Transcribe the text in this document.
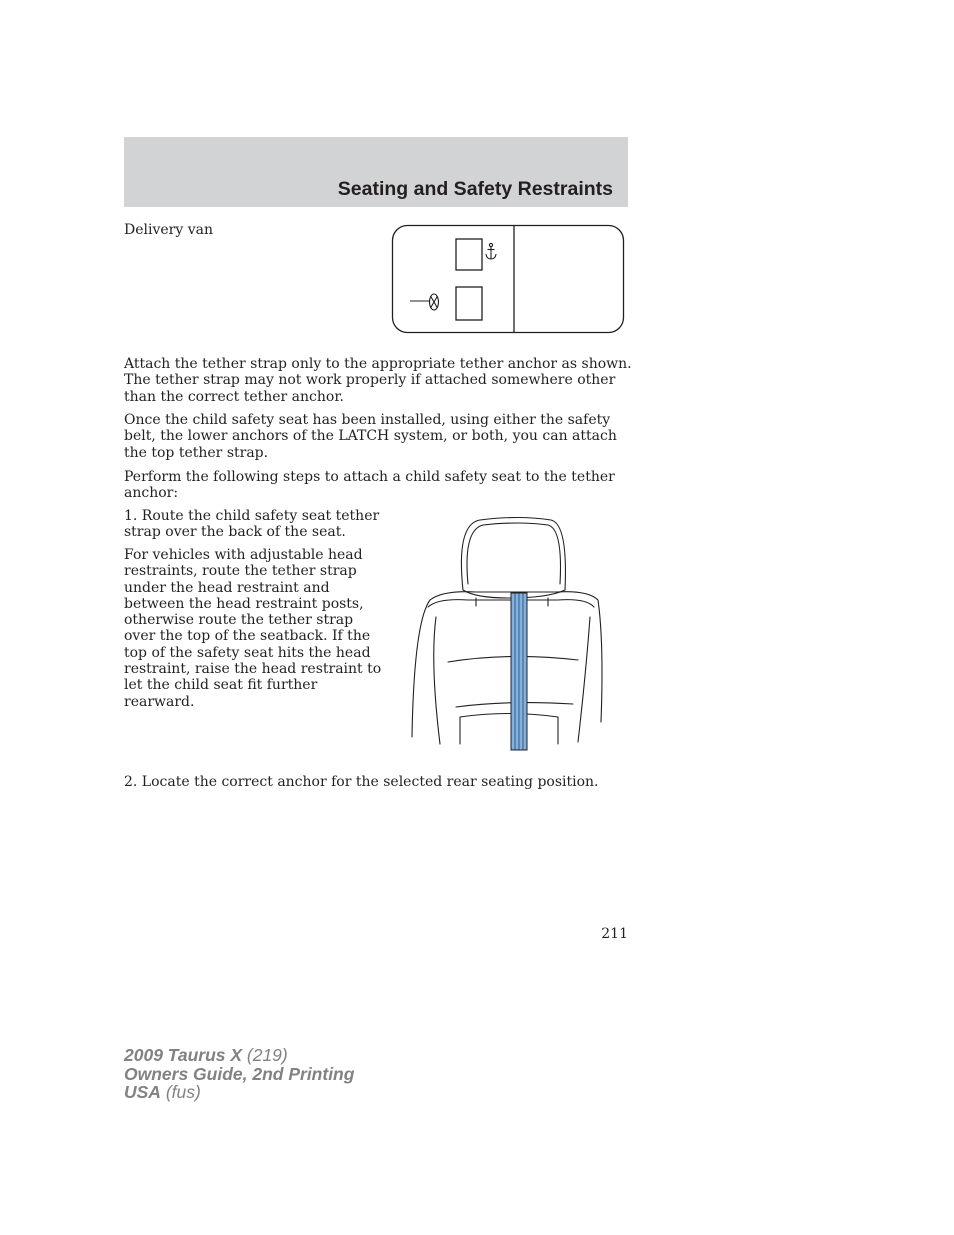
Seating and Safety Restraints

Delivery van

Attach the tether strap only to the appropriate tether anchor as shown. The tether strap may not work properly if attached somewhere other than the correct tether anchor.

Once the child safety seat has been installed, using either the safety belt, the lower anchors of the LATCH system, or both, you can attach the top tether strap.

Perform the following steps to attach a child safety seat to the tether anchor:

1. Route the child safety seat tether strap over the back of the seat.

For vehicles with adjustable head restraints, route the tether strap under the head restraint and between the head restraint posts, otherwise route the tether strap over the top of the seatback. If the top of the safety seat hits the head restraint, raise the head restraint to let the child seat fit further rearward.

2. Locate the correct anchor for the selected rear seating position.

211

2009 Taurus X (219)
Owners Guide, 2nd Printing
USA (fus)
